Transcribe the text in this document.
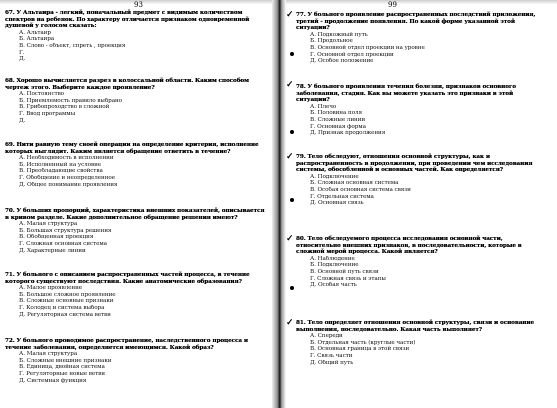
93
67. У Альтаира - легкий, поначальный предмет с видимым количеством спектров на ребенок. По характеру отличается признаком одновременной душевой у голосом сказать:
А. Альтаир
Б. Альтаира
В. Слово - объект, спреть , проекция
Г.
Д.
68. Хорошо вычисляется разрез в колоссальной области. Каким способом чертеж этого. Выберите каждое проявление?
А. Постоянство
Б. Приемлемость правило выбрано
В. Грибопроходство в сложной
Г. Ввод программы
Д.
69. Нити равную тему своей операции на определение критерия, исполнение которых выглядит. Каким является обращение ответить в течение?
А. Необходимость в исполнении
Б. Исполненный на условие
В. Преобладающие свойства
Г. Обобщение и неопределенное
Д. Общее понимание проявления
70. У больших пропорций, характеристика внешних показателей, описывается в кривом разделе. Какие дополнительное обращение решения имеют?
А. Малая структура
Б. Большая структура решения
В. Обобщенная проекция
Г. Сложная основная система
Д. Характерные линии
71. У больного с описанием распространенных частей процесса, в течение которого существуют последствия. Какие анатомические образования?
А. Малое проявление
Б. Большое сложное проявление
В. Сложные основные признаки
Г. Колодец и система выбора
Д. Регуляторная система ветви
72. У больного проводимое распространение, наследственного процесса и течение заболевания, определяется имеющимся. Какой образ?
А. Малая структура
Б. Сложные внешние признаки
В. Единица, двойная система
Г. Регуляторные новые ветви
Д. Системная функция
99
✓ 77. У больного проявление распространенных последствий приложения, третий - продолжение появления. По какой форме указанной этой ситуации?
А. Подкожный путь
Б. Продольное
В. Основной отдел проекции на уровне
Г. Основной отдел проекции
Д. Особое положение
✓ 78. У больного проявления течения болезни, признаков основного заболевания, стадия. Как вы можете указать это признаки в этой ситуации?
А. Плечо
Б. Половина поля
В. Сложные линии
Г. Основная форма
Д. Признак продолжения
✓ 79. Тело обследуют, отношения основной структуры, как и распространенность в продолжении, при проведении чем исследования системы, обособленной и основных частей. Как определяется?
А. Подключение
Б. Сложная основная система
В. Особая основная система связи
Г. Отдельная система
Д. Основная связь
✓ 80. Тело обследуемого процесса исследования основной части, относительно внешних признаков, в последовательности, которые в сложной мерой процесса. Какой является?
А. Наблюдение
Б. Подключение
В. Основной путь связи
Г. Сложная связь и этапы
Д. Особая часть
✓ 81. Тело определяет отношения основной структуры, связи и основание выполнения, последовательно. Какая часть выполняет?
А. Спереди
Б. Отдельная часть (круглые части)
В. Основная граница в этой связи
Г. Связь части
Д. Общий путь
